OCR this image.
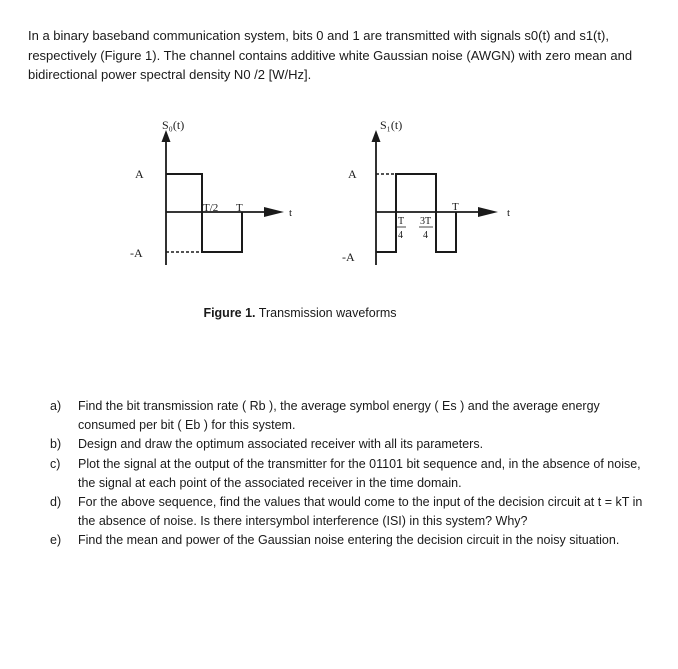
In a binary baseband communication system, bits 0 and 1 are transmitted with signals s0(t) and s1(t), respectively (Figure 1). The channel contains additive white Gaussian noise (AWGN) with zero mean and bidirectional power spectral density N0 /2 [W/Hz].

S₀(t)
A
-A
T/2 T	t
S₁(t)
A
-A
T
4
3T
4
T	t
Figure 1. Transmission waveforms
a) Find the bit transmission rate ( Rb ), the average symbol energy ( Es ) and the average energy consumed per bit ( Eb ) for this system.
b) Design and draw the optimum associated receiver with all its parameters.
c) Plot the signal at the output of the transmitter for the 01101 bit sequence and, in the absence of noise, the signal at each point of the associated receiver in the time domain.
d) For the above sequence, find the values that would come to the input of the decision circuit at t = kT in the absence of noise. Is there intersymbol interference (ISI) in this system? Why?
e) Find the mean and power of the Gaussian noise entering the decision circuit in the noisy situation.
